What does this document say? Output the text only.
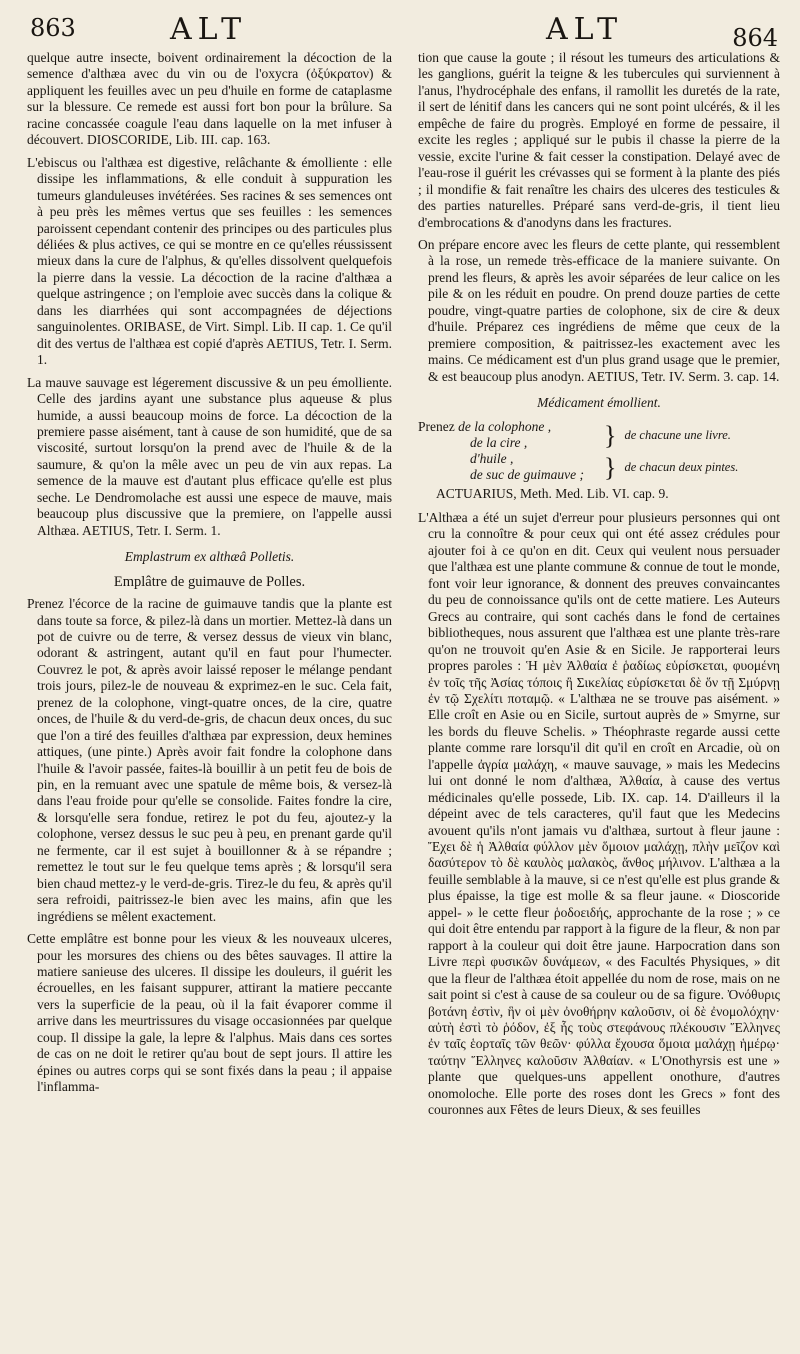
863	ALT	ALT	864

quelque autre insecte, boivent ordinairement la décoction de la semence d'althæa avec du vin ou de l'oxycra (ὀξύκρατον) & appliquent les feuilles avec un peu d'huile en forme de cataplasme sur la blessure. Ce remede est aussi fort bon pour la brûlure. Sa racine concassée coagule l'eau dans laquelle on la met infuser à découvert. DIOSCORIDE, Lib. III. cap. 163.

L'ebiscus ou l'althæa est digestive, relâchante & émolliente : elle dissipe les inflammations, & elle conduit à suppuration les tumeurs glanduleuses invétérées. Ses racines & ses semences ont à peu près les mêmes vertus que ses feuilles : les semences paroissent cependant contenir des principes ou des particules plus déliées & plus actives, ce qui se montre en ce qu'elles réussissent mieux dans la cure de l'alphus, & qu'elles dissolvent quelquefois la pierre dans la vessie. La décoction de la racine d'althæa a quelque astringence ; on l'emploie avec succès dans la colique & dans les diarrhées qui sont accompagnées de déjections sanguinolentes. ORIBASE, de Virt. Simpl. Lib. II cap. 1. Ce qu'il dit des vertus de l'althæa est copié d'après AETIUS, Tetr. I. Serm. 1.

La mauve sauvage est légerement discussive & un peu émolliente. Celle des jardins ayant une substance plus aqueuse & plus humide, a aussi beaucoup moins de force. La décoction de la premiere passe aisément, tant à cause de son humidité, que de sa viscosité, surtout lorsqu'on la prend avec de l'huile & de la saumure, & qu'on la mêle avec un peu de vin aux repas. La semence de la mauve est d'autant plus efficace qu'elle est plus seche. Le Dendromolache est aussi une espece de mauve, mais beaucoup plus discussive que la premiere, on l'appelle aussi Althæa. AETIUS, Tetr. I. Serm. 1.

Emplastrum ex althæâ Polletis.
Emplâtre de guimauve de Polles.

Prenez l'écorce de la racine de guimauve tandis que la plante est dans toute sa force, & pilez-là dans un mortier. Mettez-là dans un pot de cuivre ou de terre, & versez dessus de vieux vin blanc, odorant & astringent, autant qu'il en faut pour l'humecter. Couvrez le pot, & après avoir laissé reposer le mélange pendant trois jours, pilez-le de nouveau & exprimez-en le suc. Cela fait, prenez de la colophone, vingt-quatre onces, de la cire, quatre onces, de l'huile & du verd-de-gris, de chacun deux onces, du suc que l'on a tiré des feuilles d'althæa par expression, deux hemines attiques, (une pinte.) Après avoir fait fondre la colophone dans l'huile & l'avoir passée, faites-là bouillir à un petit feu de bois de pin, en la remuant avec une spatule de même bois, & versez-là dans l'eau froide pour qu'elle se consolide. Faites fondre la cire, & lorsqu'elle sera fondue, retirez le pot du feu, ajoutez-y la colophone, versez dessus le suc peu à peu, en prenant garde qu'il ne fermente, car il est sujet à bouillonner & à se répandre ; remettez le tout sur le feu quelque tems après ; & lorsqu'il sera bien chaud mettez-y le verd-de-gris. Tirez-le du feu, & après qu'il sera refroidi, paitrissez-le bien avec les mains, afin que les ingrédiens se mêlent exactement.

Cette emplâtre est bonne pour les vieux & les nouveaux ulceres, pour les morsures des chiens ou des bêtes sauvages. Il attire la matiere sanieuse des ulceres. Il dissipe les douleurs, il guérit les écrouelles, en les faisant suppurer, attirant la matiere peccante vers la superficie de la peau, où il la fait évaporer comme il arrive dans les meurtrissures du visage occasionnées par quelque coup. Il dissipe la gale, la lepre & l'alphus. Mais dans ces sortes de cas on ne doit le retirer qu'au bout de sept jours. Il attire les épines ou autres corps qui se sont fixés dans la peau ; il appaise l'inflamma-

tion que cause la goute ; il résout les tumeurs des articulations & les ganglions, guérit la teigne & les tubercules qui surviennent à l'anus, l'hydrocéphale des enfans, il ramollit les duretés de la rate, il sert de lénitif dans les cancers qui ne sont point ulcérés, & il les empêche de faire du progrès. Employé en forme de pessaire, il excite les regles ; appliqué sur le pubis il chasse la pierre de la vessie, excite l'urine & fait cesser la constipation. Delayé avec de l'eau-rose il guérit les crévasses qui se forment à la plante des piés ; il mondifie & fait renaître les chairs des ulceres des testicules & des parties naturelles. Préparé sans verd-de-gris, il tient lieu d'embrocations & d'anodyns dans les fractures.

On prépare encore avec les fleurs de cette plante, qui ressemblent à la rose, un remede très-efficace de la maniere suivante. On prend les fleurs, & après les avoir séparées de leur calice on les pile & on les réduit en poudre. On prend douze parties de cette poudre, vingt-quatre parties de colophone, six de cire & deux d'huile. Préparez ces ingrédiens de même que ceux de la premiere composition, & paitrissez-les exactement avec les mains. Ce médicament est d'un plus grand usage que le premier, & est beaucoup plus anodyn. AETIUS, Tetr. IV. Serm. 3. cap. 14.

Médicament émollient.
Prenez de la colophone ,
de la cire ,	} de chacune une livre.
d'huile ,
de suc de guimauve ; } de chacun deux pintes.
ACTUARIUS, Meth. Med. Lib. VI. cap. 9.

L'Althæa a été un sujet d'erreur pour plusieurs personnes qui ont cru la connoître & pour ceux qui ont été assez crédules pour ajouter foi à ce qu'on en dit. Ceux qui veulent nous persuader que l'althæa est une plante commune & connue de tout le monde, font voir leur ignorance, & donnent des preuves convaincantes du peu de connoissance qu'ils ont de cette matiere. Les Auteurs Grecs au contraire, qui sont cachés dans le fond de certaines bibliotheques, nous assurent que l'althæa est une plante très-rare qu'on ne trouvoit qu'en Asie & en Sicile. Je rapporterai leurs propres paroles : Ἡ μὲν Ἀλθαία ἐ ῥαδίως εὑρίσκεται, φυομένη ἐν τοῖς τῆς Ἀσίας τόποις ἢ Σικελίας εὑρίσκεται δὲ ὅν τῇ Σμύρνῃ ἐν τῷ Σχελίτι ποταμῷ. « L'althæa ne se trouve pas aisément. » Elle croît en Asie ou en Sicile, surtout auprès de » Smyrne, sur les bords du fleuve Schelis. » Théophraste regarde aussi cette plante comme rare lorsqu'il dit qu'il en croît en Arcadie, où on l'appelle ἀγρία μαλάχη, « mauve sauvage, » mais les Medecins lui ont donné le nom d'althæa, Ἀλθαία, à cause des vertus médicinales qu'elle possede, Lib. IX. cap. 14. D'ailleurs il la dépeint avec de tels caracteres, qu'il faut que les Medecins avouent qu'ils n'ont jamais vu d'althæa, surtout à fleur jaune : Ἔχει δὲ ἡ Ἀλθαία φύλλον μὲν ὅμοιον μαλάχῃ, πλὴν μεῖζον καὶ δασύτερον τὸ δὲ καυλὸς μαλακὸς, ἄνθος μήλινον. L'althæa a la feuille semblable à la mauve, si ce n'est qu'elle est plus grande & plus épaisse, la tige est molle & sa fleur jaune. « Dioscoride appel- » le cette fleur ῥοδοειδής, approchante de la rose ; » ce qui doit être entendu par rapport à la figure de la fleur, & non par rapport à la couleur qui doit être jaune. Harpocration dans son Livre περὶ φυσικῶν δυνάμεων, « des Facultés Physiques, » dit que la fleur de l'althæa étoit appellée du nom de rose, mais on ne sait point si c'est à cause de sa couleur ou de sa figure. Ὀνόθυρις βοτάνη ἐστὶν, ἣν οἱ μὲν ὀνοθήρην καλοῦσιν, οἱ δὲ ἐνομολόχην· αὐτὴ ἐστὶ τὸ ῥόδον, ἐξ ἧς τοὺς στεφάνους πλέκουσιν Ἕλληνες ἐν ταῖς ἑορταῖς τῶν θεῶν· φύλλα ἔχουσα ὅμοια μαλάχῃ ἡμέρῳ· ταύτην Ἕλληνες καλοῦσιν Ἀλθαίαν. « L'Onothyrsis est une » plante que quelques-uns appellent onothure, d'autres onomoloche. Elle porte des roses dont les Grecs » font des couronnes aux Fêtes de leurs Dieux, & ses feuilles
